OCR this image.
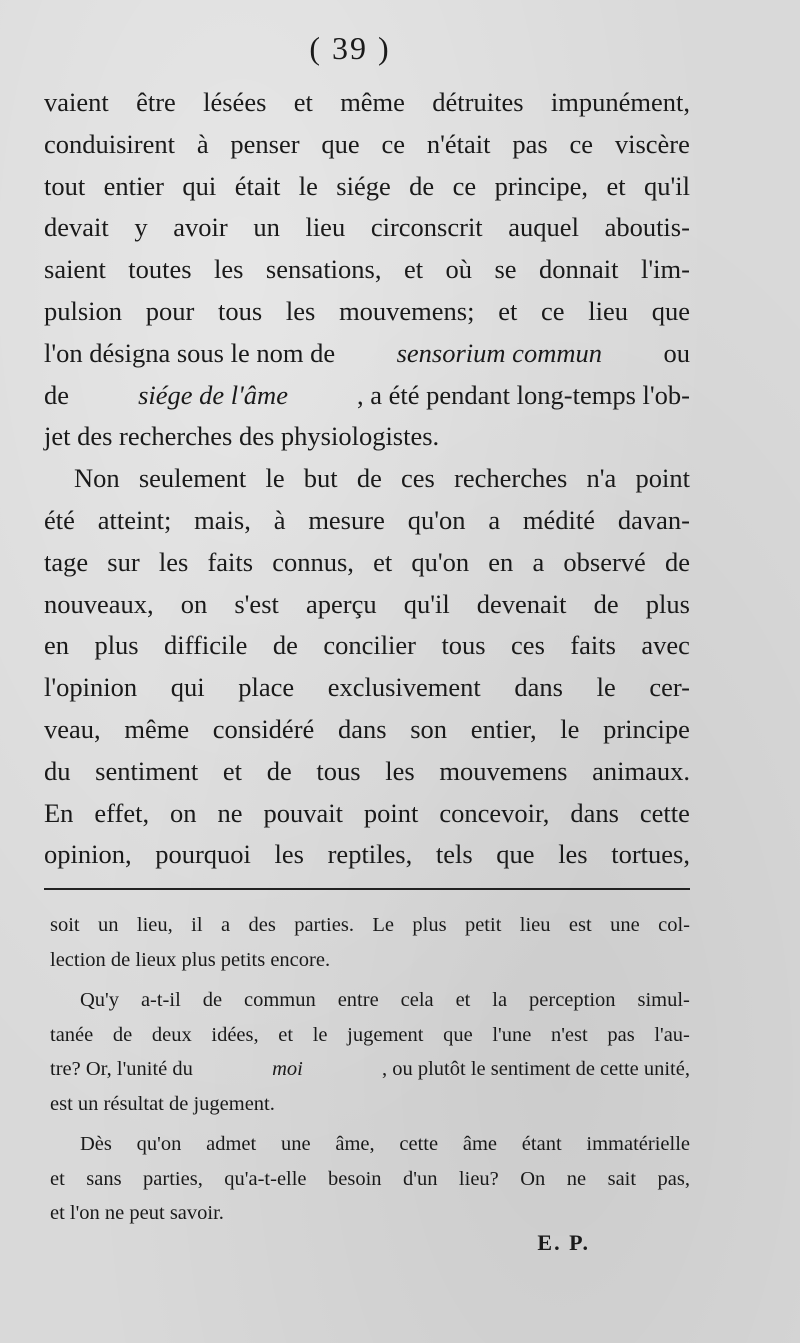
( 39 )
vaient être lésées et même détruites impunément,
conduisirent à penser que ce n'était pas ce viscère
tout entier qui était le siége de ce principe, et qu'il
devait y avoir un lieu circonscrit auquel aboutis-
saient toutes les sensations, et où se donnait l'im-
pulsion pour tous les mouvemens; et ce lieu que
l'on désigna sous le nom de sensorium commun ou
de	siége de l'âme	, a été pendant long-temps l'ob-
jet des recherches des physiologistes.
Non seulement le but de ces recherches n'a point
été atteint; mais, à mesure qu'on a médité davan-
tage sur les faits connus, et qu'on en a observé de
nouveaux, on s'est aperçu qu'il devenait de plus
en plus difficile de concilier tous ces faits avec
l'opinion qui place exclusivement dans le cer-
veau, même considéré dans son entier, le principe
du sentiment et de tous les mouvemens animaux.
En effet, on ne pouvait point concevoir, dans cette
opinion, pourquoi les reptiles, tels que les tortues,
soit un lieu, il a des parties. Le plus petit lieu est une col-
lection de lieux plus petits encore.
Qu'y a-t-il de commun entre cela et la perception simul-
tanée de deux idées, et le jugement que l'une n'est pas l'au-
tre? Or, l'unité du	moi	, ou plutôt le sentiment de cette unité,
est un résultat de jugement.
Dès qu'on admet une âme, cette âme étant immatérielle
et sans parties, qu'a-t-elle besoin d'un lieu? On ne sait pas,
et l'on ne peut savoir.
E. P.
